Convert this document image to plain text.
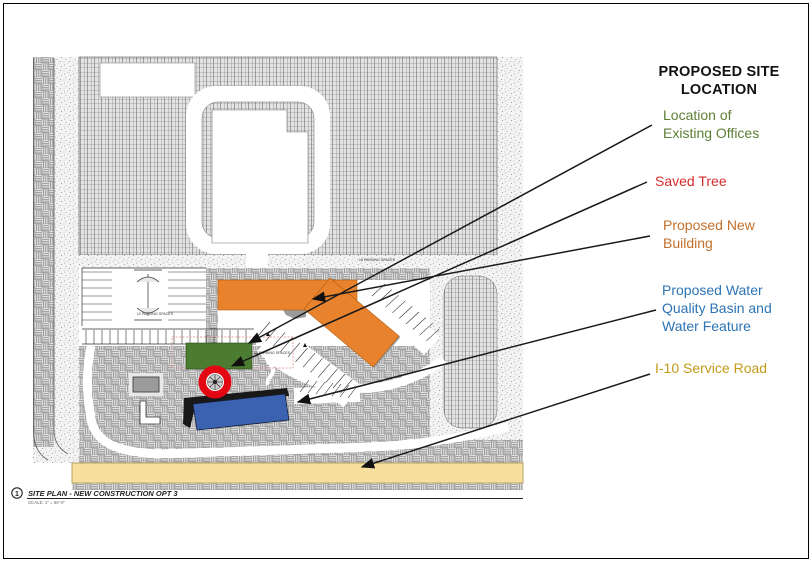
12 PARKING SPACES
44 PARKING SPACES
18 PARKING SPACES
1 SITE PLAN - NEW CONSTRUCTION OPT 3
SCALE: 1" = 60'-0"
PROPOSED SITE LOCATION
Location of Existing Offices
Saved Tree
Proposed New Building
Proposed Water Quality Basin and Water Feature
I-10 Service Road
